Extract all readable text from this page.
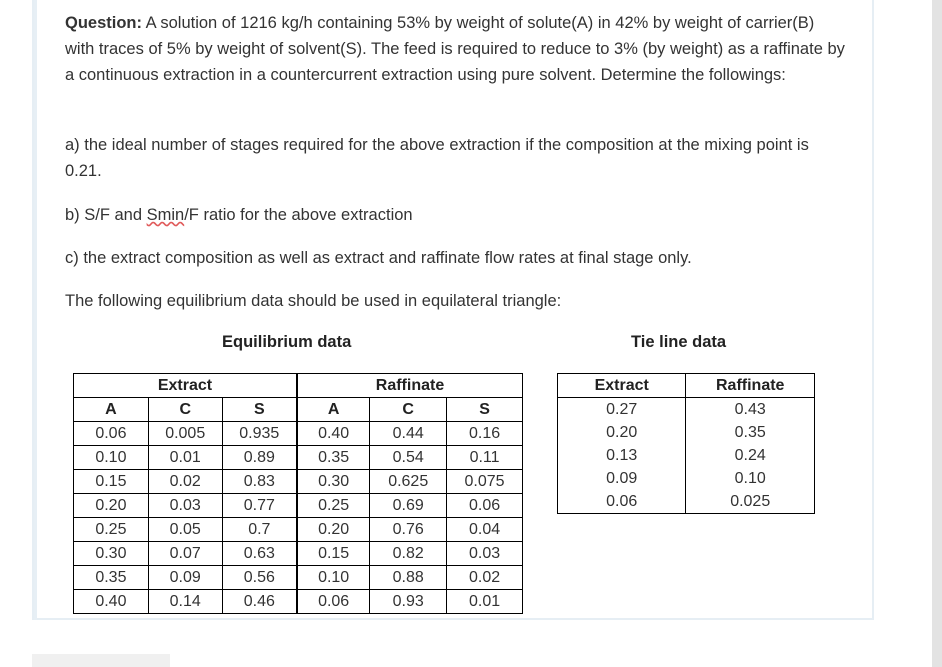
Question: A solution of 1216 kg/h containing 53% by weight of solute(A) in 42% by weight of carrier(B) with traces of 5% by weight of solvent(S). The feed is required to reduce to 3% (by weight) as a raffinate by a continuous extraction in a countercurrent extraction using pure solvent. Determine the followings:
a) the ideal number of stages required for the above extraction if the composition at the mixing point is 0.21.
b) S/F and Smin/F ratio for the above extraction
c) the extract composition as well as extract and raffinate flow rates at final stage only.
The following equilibrium data should be used in equilateral triangle:
Equilibrium data	Tie line data
Extract			Raffinate		
A	C	S	A	C	S
0.06	0.005	0.935	0.40	0.44	0.16
0.10	0.01	0.89	0.35	0.54	0.11
0.15	0.02	0.83	0.30	0.625	0.075
0.20	0.03	0.77	0.25	0.69	0.06
0.25	0.05	0.7	0.20	0.76	0.04
0.30	0.07	0.63	0.15	0.82	0.03
0.35	0.09	0.56	0.10	0.88	0.02
0.40	0.14	0.46	0.06	0.93	0.01
Extract	Raffinate
0.27	0.43
0.20	0.35
0.13	0.24
0.09	0.10
0.06	0.025
